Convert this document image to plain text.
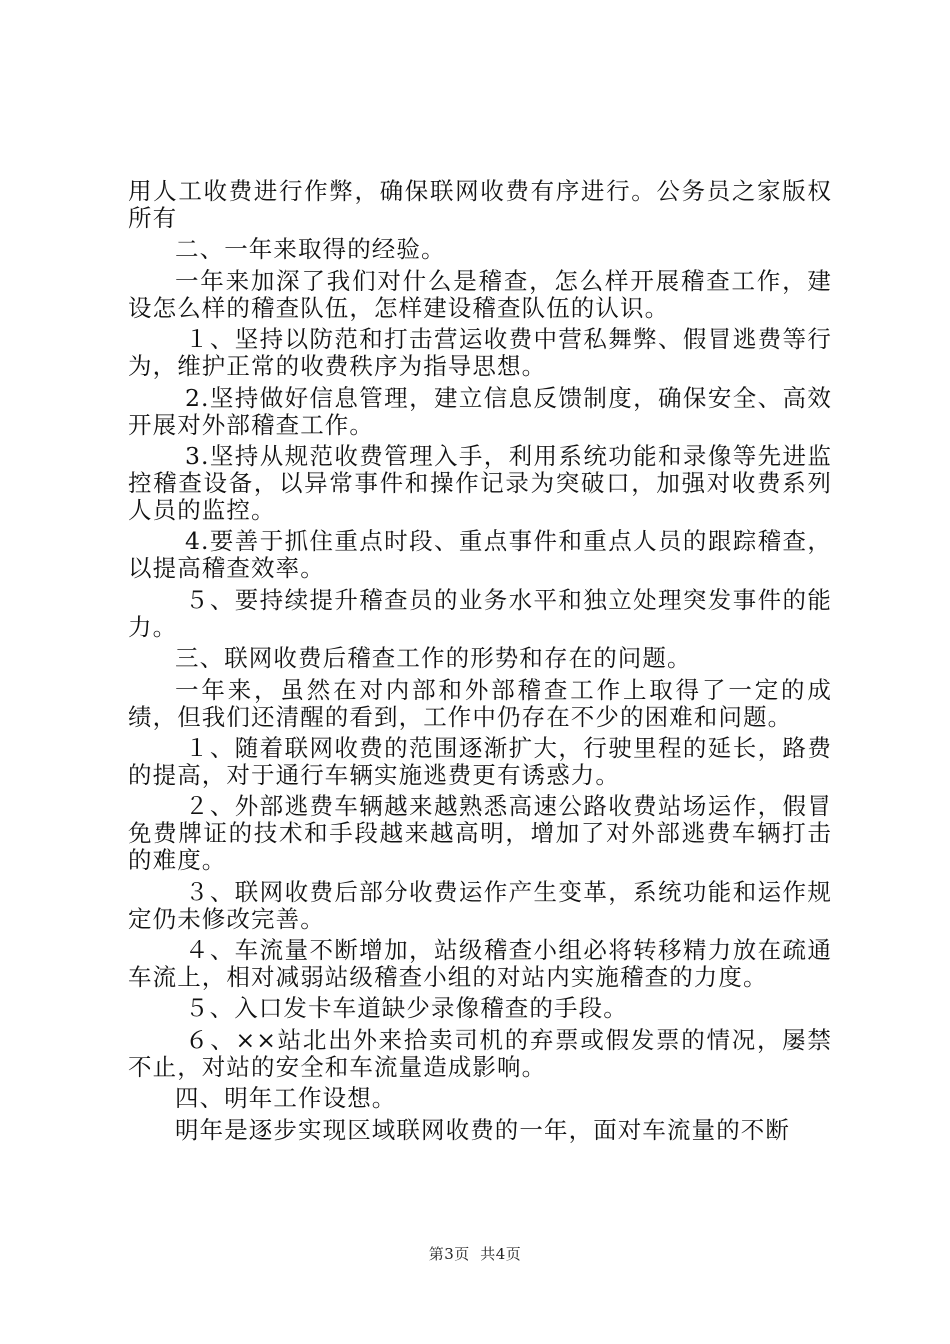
用人工收费进行作弊，确保联网收费有序进行。公务员之家版权所有

二、一年来取得的经验。

一年来加深了我们对什么是稽查，怎么样开展稽查工作，建设怎么样的稽查队伍，怎样建设稽查队伍的认识。

１、坚持以防范和打击营运收费中营私舞弊、假冒逃费等行为，维护正常的收费秩序为指导思想。

2.坚持做好信息管理，建立信息反馈制度，确保安全、高效开展对外部稽查工作。

3.坚持从规范收费管理入手，利用系统功能和录像等先进监控稽查设备，以异常事件和操作记录为突破口，加强对收费系列人员的监控。

4.要善于抓住重点时段、重点事件和重点人员的跟踪稽查，以提高稽查效率。

５、要持续提升稽查员的业务水平和独立处理突发事件的能力。

三、联网收费后稽查工作的形势和存在的问题。

一年来，虽然在对内部和外部稽查工作上取得了一定的成绩，但我们还清醒的看到，工作中仍存在不少的困难和问题。

１、随着联网收费的范围逐渐扩大，行驶里程的延长，路费的提高，对于通行车辆实施逃费更有诱惑力。

２、外部逃费车辆越来越熟悉高速公路收费站场运作，假冒免费牌证的技术和手段越来越高明，增加了对外部逃费车辆打击的难度。

３、联网收费后部分收费运作产生变革，系统功能和运作规定仍未修改完善。

４、车流量不断增加，站级稽查小组必将转移精力放在疏通车流上，相对减弱站级稽查小组的对站内实施稽查的力度。

５、入口发卡车道缺少录像稽查的手段。

６、××站北出外来拾卖司机的弃票或假发票的情况，屡禁不止，对站的安全和车流量造成影响。

四、明年工作设想。

明年是逐步实现区域联网收费的一年，面对车流量的不断

第3页  共4页
